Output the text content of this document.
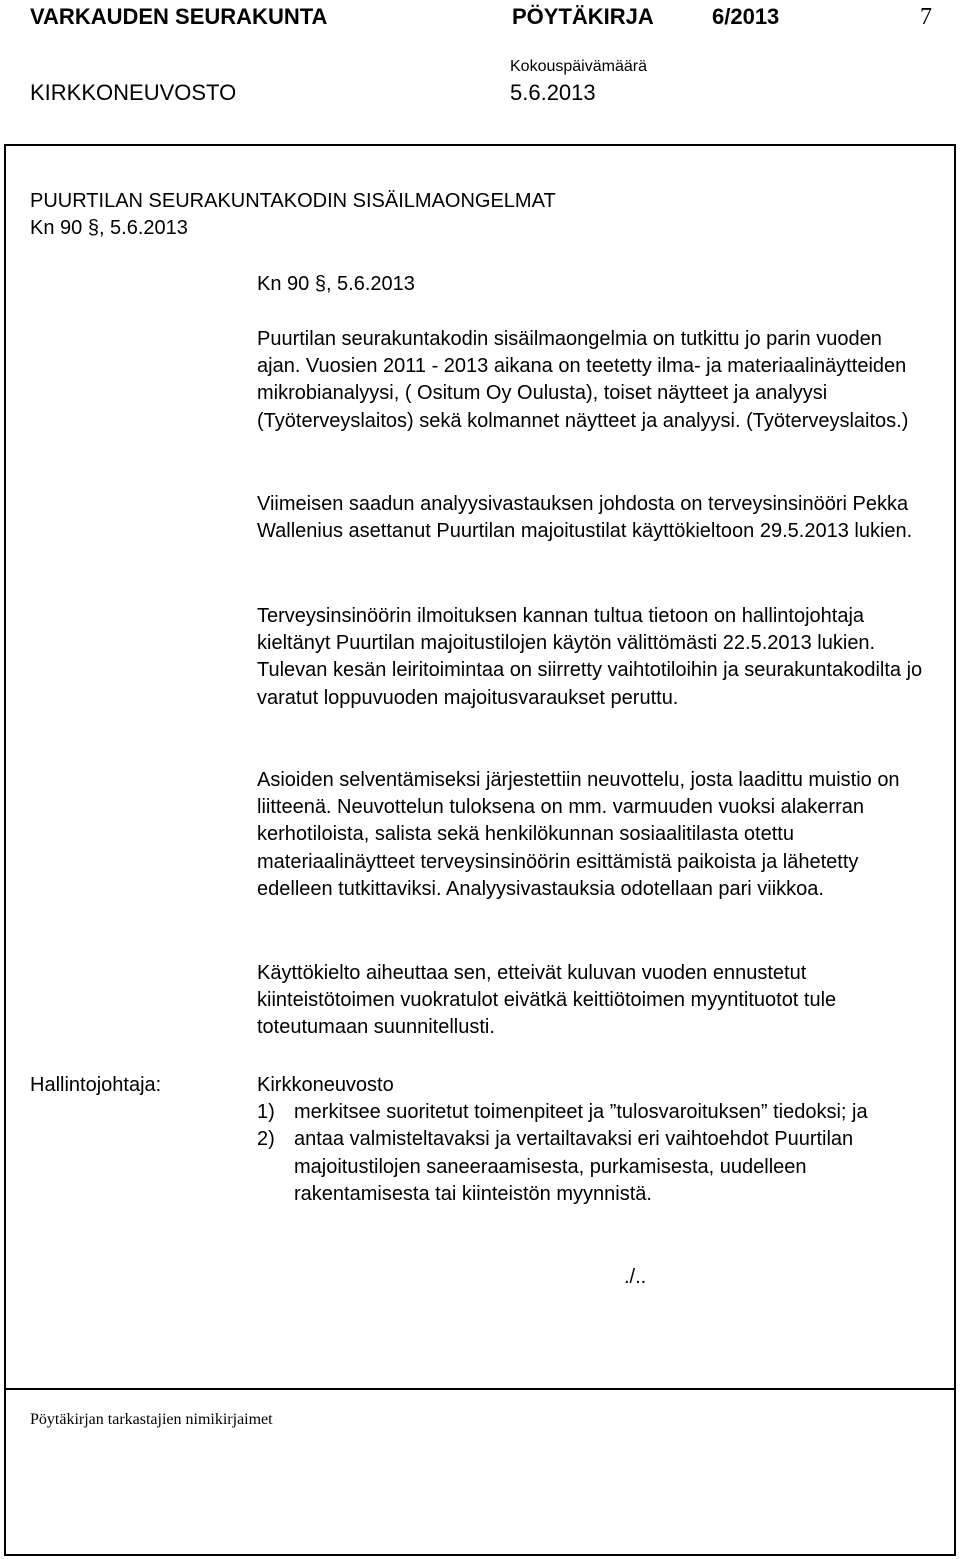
VARKAUDEN SEURAKUNTA	PÖYTÄKIRJA	6/2013	7
KIRKKONEUVOSTO
Kokouspäivämäärä
5.6.2013
PUURTILAN SEURAKUNTAKODIN SISÄILMAONGELMAT
Kn 90 §, 5.6.2013
Kn 90 §, 5.6.2013

Puurtilan seurakuntakodin sisäilmaongelmia on tutkittu jo parin vuoden ajan. Vuosien 2011 - 2013 aikana on teetetty ilma- ja materiaalinäytteiden mikrobianalyysi, ( Ositum Oy Oulusta), toiset näytteet ja analyysi (Työterveyslaitos) sekä kolmannet näytteet ja analyysi. (Työterveyslaitos.)

Viimeisen saadun analyysivastauksen johdosta on terveysinsinööri Pekka Wallenius asettanut Puurtilan majoitustilat käyttökieltoon 29.5.2013 lukien.

Terveysinsinöörin ilmoituksen kannan tultua tietoon on hallintojohtaja kieltänyt Puurtilan majoitustilojen käytön välittömästi 22.5.2013 lukien. Tulevan kesän leiritoimintaa on siirretty vaihtotiloihin ja seurakuntakodilta jo varatut loppuvuoden majoitusvaraukset peruttu.

Asioiden selventämiseksi järjestettiin neuvottelu, josta laadittu muistio on liitteenä. Neuvottelun tuloksena on mm. varmuuden vuoksi alakerran kerhotiloista, salista sekä henkilökunnan sosiaalitilasta otettu materiaalinäytteet terveysinsinöörin esittämistä paikoista ja lähetetty edelleen tutkittaviksi. Analyysivastauksia odotellaan pari viikkoa.

Käyttökielto aiheuttaa sen, etteivät kuluvan vuoden ennustetut kiinteistötoimen vuokratulot eivätkä keittiötoimen myyntituotot tule toteutumaan suunnitellusti.

Hallintojohtaja:	Kirkkoneuvosto
1) merkitsee suoritetut toimenpiteet ja ”tulosvaroituksen” tiedoksi; ja
2) antaa valmisteltavaksi ja vertailtavaksi eri vaihtoehdot Puurtilan majoitustilojen saneeraamisesta, purkamisesta, uudelleen rakentamisesta tai kiinteistön myynnistä.
./..
Pöytäkirjan tarkastajien nimikirjaimet
